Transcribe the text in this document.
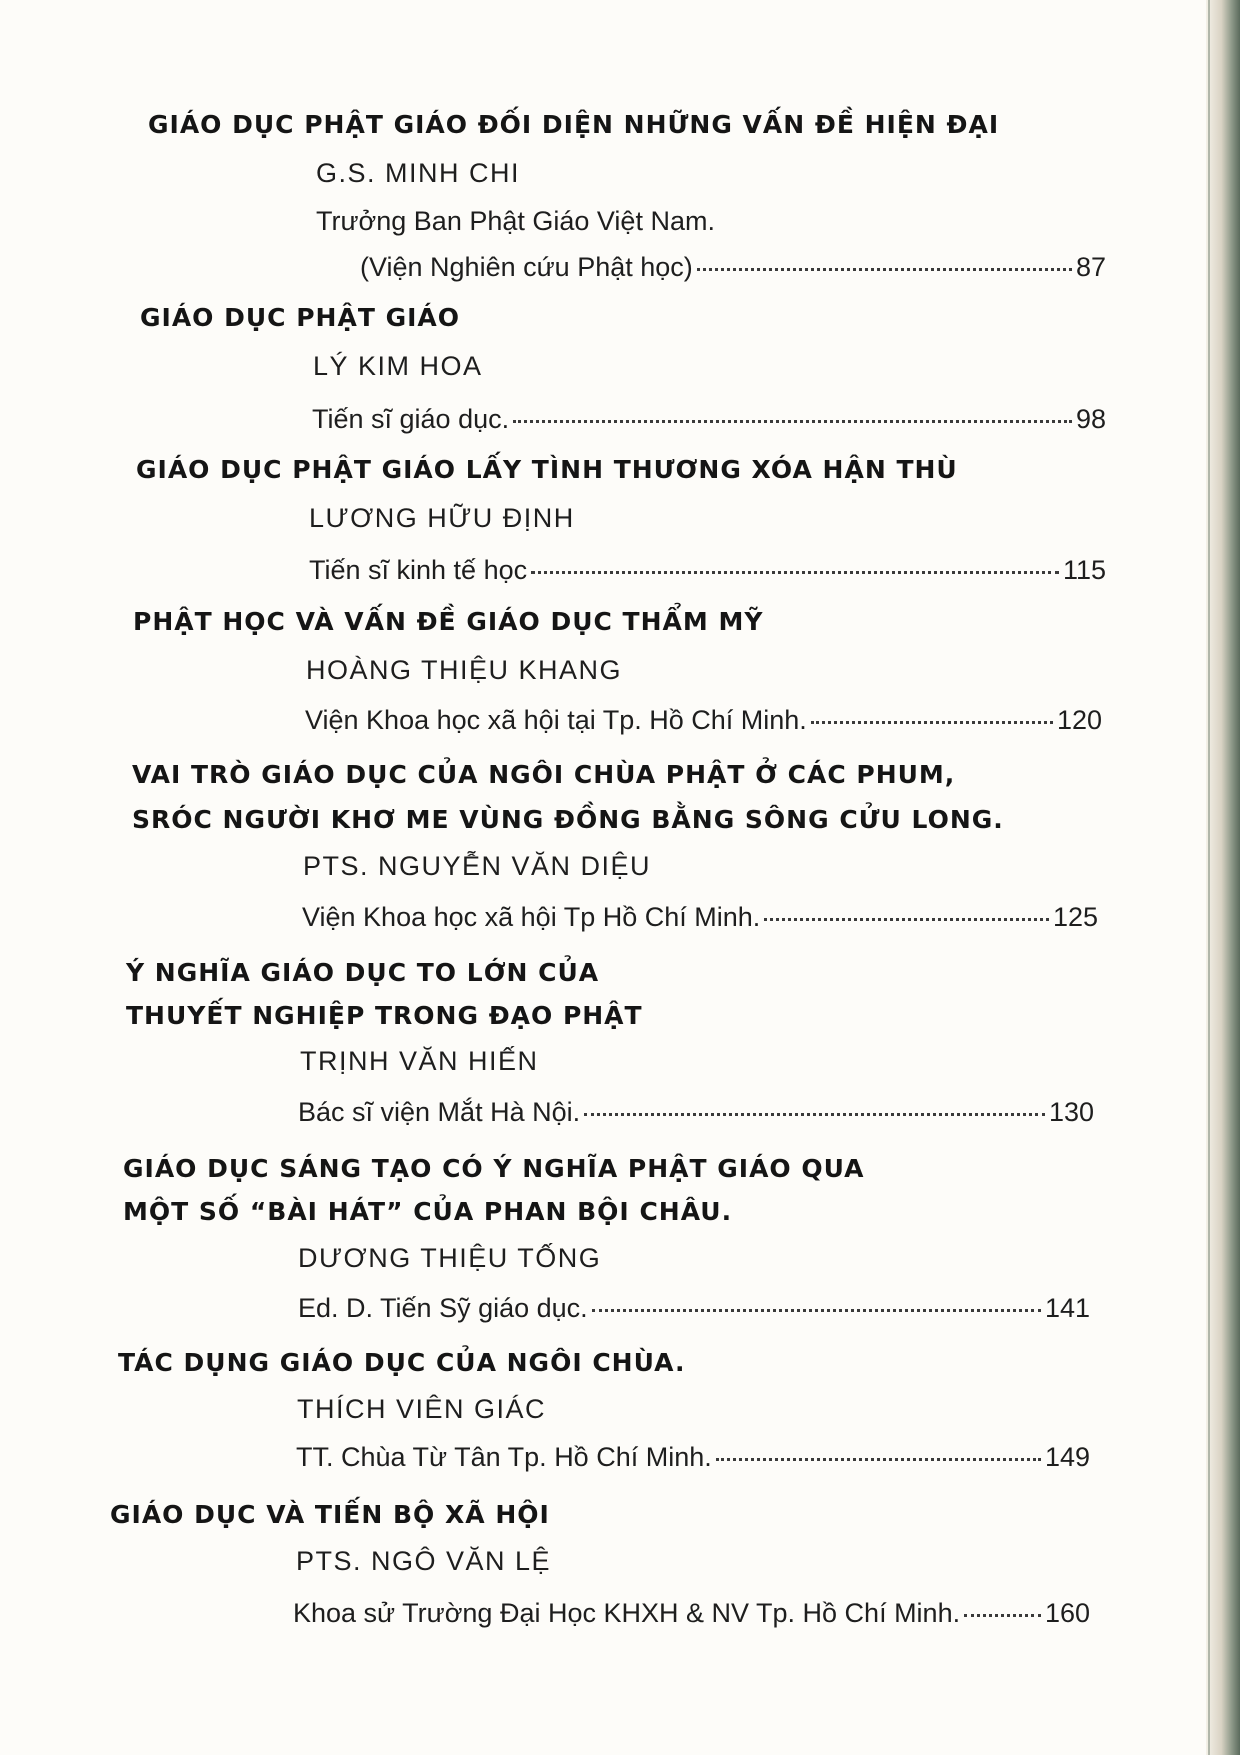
GIÁO DỤC PHẬT GIÁO ĐỐI DIỆN NHỮNG VẤN ĐỀ HIỆN ĐẠI
G.S. MINH CHI
Trưởng Ban Phật Giáo Việt Nam.
(Viện Nghiên cứu Phật học)	87
GIÁO DỤC PHẬT GIÁO
LÝ KIM HOA
Tiến sĩ giáo dục.	98
GIÁO DỤC PHẬT GIÁO LẤY TÌNH THƯƠNG XÓA HẬN THÙ
LƯƠNG HỮU ĐỊNH
Tiến sĩ kinh tế học	115
PHẬT HỌC VÀ VẤN ĐỀ GIÁO DỤC THẨM MỸ
HOÀNG THIỆU KHANG
Viện Khoa học xã hội tại Tp. Hồ Chí Minh.	120
VAI TRÒ GIÁO DỤC CỦA NGÔI CHÙA PHẬT Ở CÁC PHUM,
SRÓC NGƯỜI KHƠ ME VÙNG ĐỒNG BẰNG SÔNG CỬU LONG.
PTS. NGUYỄN VĂN DIỆU
Viện Khoa học xã hội Tp Hồ Chí Minh.	125
Ý NGHĨA GIÁO DỤC TO LỚN CỦA
THUYẾT NGHIỆP TRONG ĐẠO PHẬT
TRỊNH VĂN HIẾN
Bác sĩ viện Mắt Hà Nội.	130
GIÁO DỤC SÁNG TẠO CÓ Ý NGHĨA PHẬT GIÁO QUA
MỘT SỐ “BÀI HÁT” CỦA PHAN BỘI CHÂU.
DƯƠNG THIỆU TỐNG
Ed. D. Tiến Sỹ giáo dục.	141
TÁC DỤNG GIÁO DỤC CỦA NGÔI CHÙA.
THÍCH VIÊN GIÁC
TT. Chùa Từ Tân Tp. Hồ Chí Minh.	149
GIÁO DỤC VÀ TIẾN BỘ XÃ HỘI
PTS. NGÔ VĂN LỆ
Khoa sử Trường Đại Học KHXH & NV Tp. Hồ Chí Minh.	160
